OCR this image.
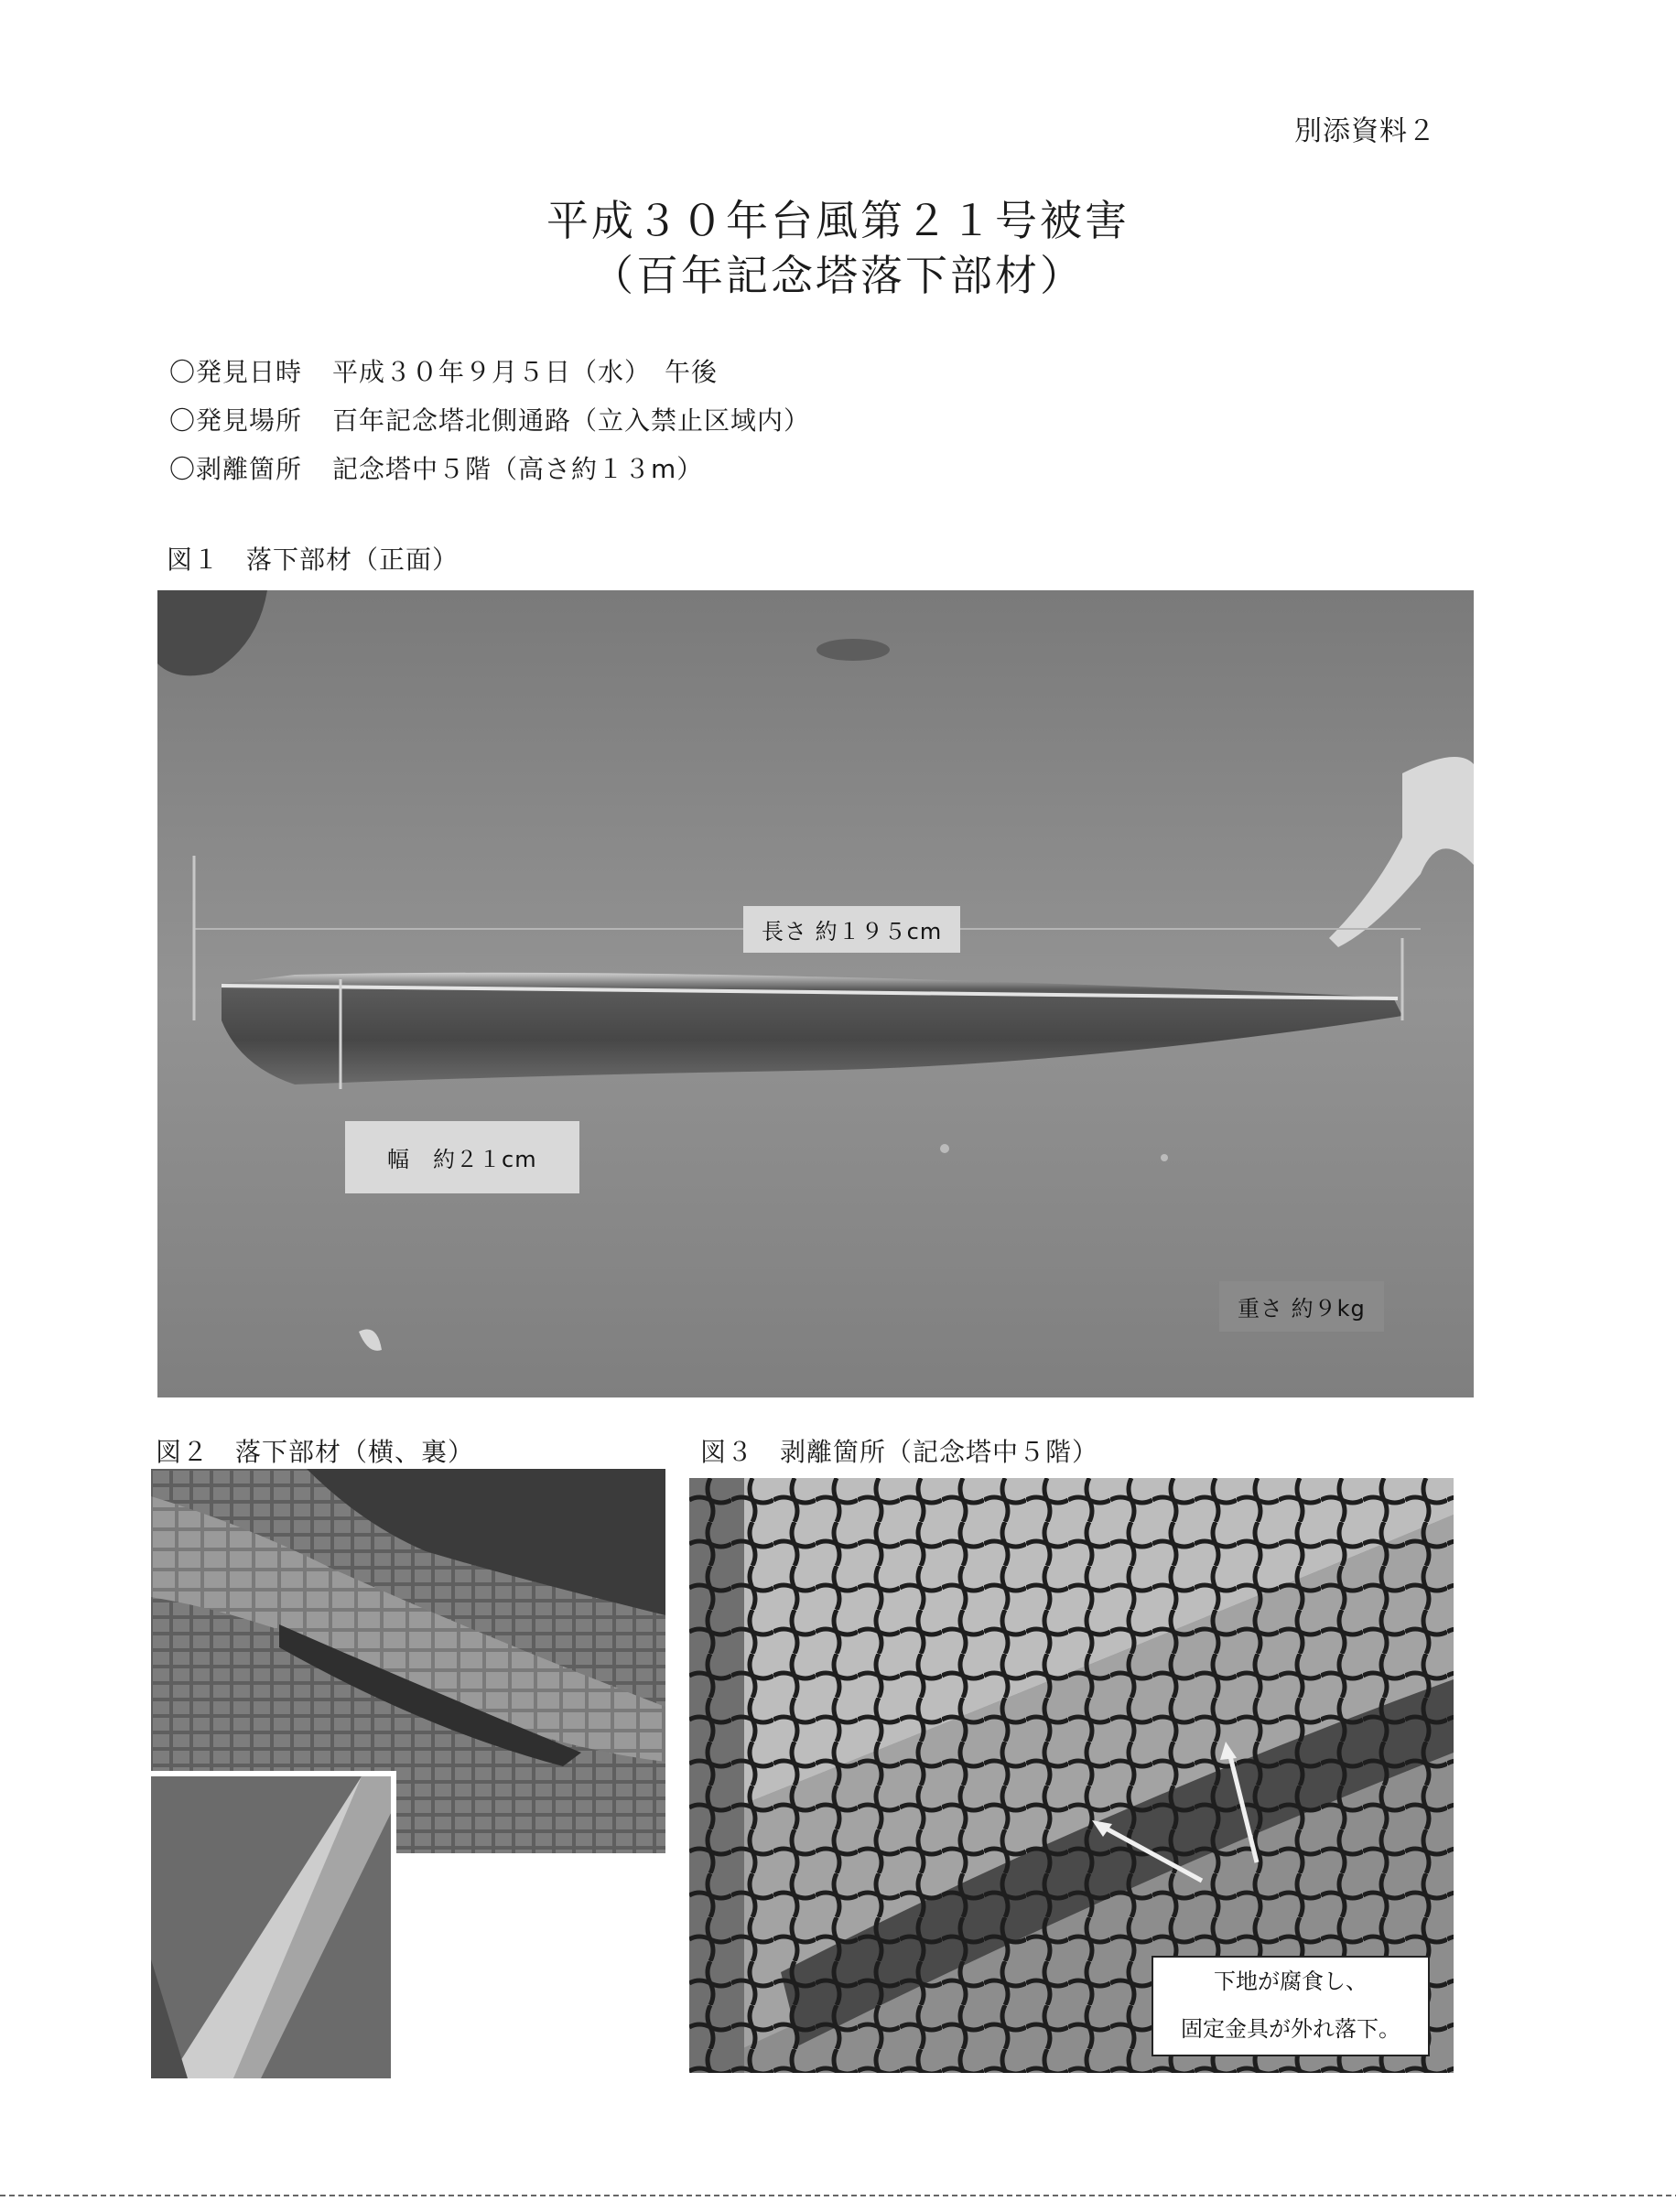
別添資料２
平成３０年台風第２１号被害
（百年記念塔落下部材）
〇発見日時 平成３０年９月５日（水）　午後
〇発見場所 百年記念塔北側通路（立入禁止区域内）
〇剥離箇所 記念塔中５階（高さ約１３m）
図１　落下部材（正面）
長さ 約１９５cm
幅　約２１cm
重さ 約９kg
図２　落下部材（横、裏）	図３　剥離箇所（記念塔中５階）
下地が腐食し、
固定金具が外れ落下。
